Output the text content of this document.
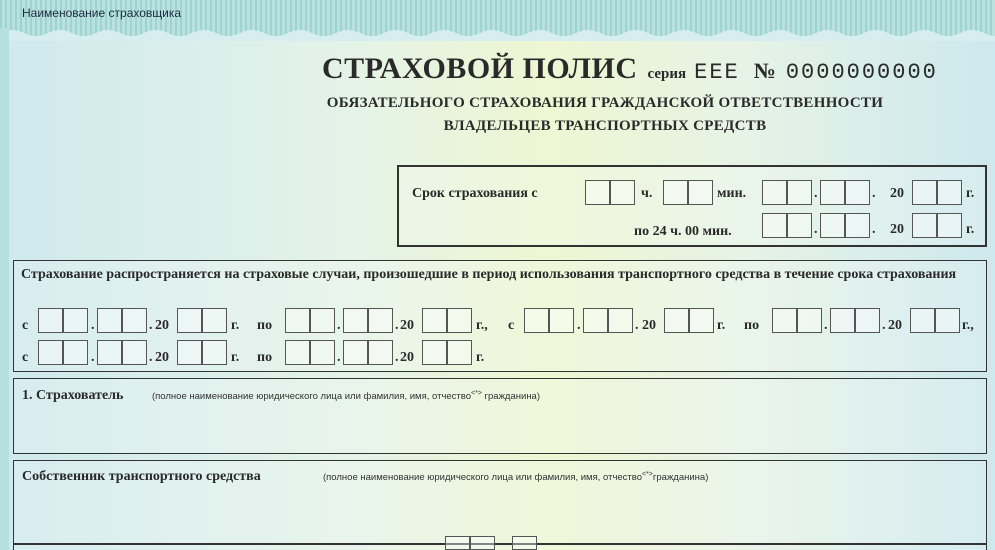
Наименование страховщика
СТРАХОВОЙ ПОЛИС серия ЕЕЕ № 0000000000
ОБЯЗАТЕЛЬНОГО СТРАХОВАНИЯ ГРАЖДАНСКОЙ ОТВЕТСТВЕННОСТИ
ВЛАДЕЛЬЦЕВ ТРАНСПОРТНЫХ СРЕДСТВ
Срок страхования с	ч.	мин.	.	. 20	г.
по 24 ч. 00 мин.	.	. 20	г.
Страхование распространяется на страховые случаи, произошедшие в период использования транспортного средства в течение срока страхования
с	.	. 20	г. по	.	. 20	г., с	.	. 20	г. по	.	. 20	г.,
с	.	. 20	г. по	.	. 20	г.
1. Страхователь	(полное наименование юридического лица или фамилия, имя, отчество<*> гражданина)
Собственник транспортного средства	(полное наименование юридического лица или фамилия, имя, отчество<*>гражданина)
